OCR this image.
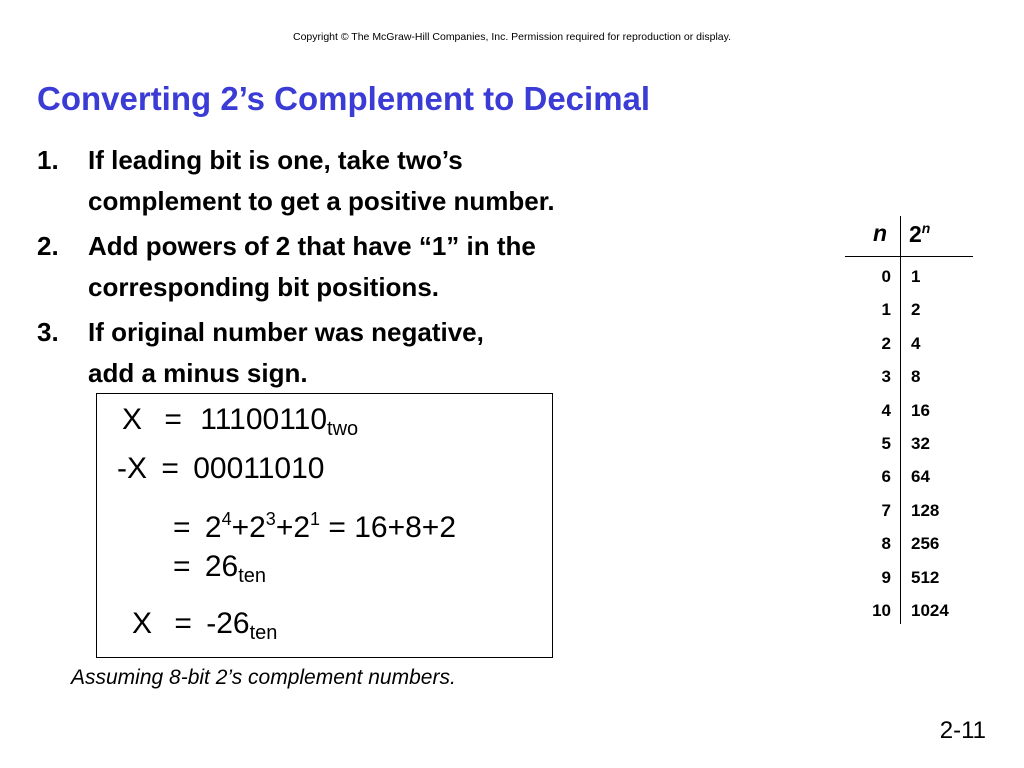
Copyright © The McGraw-Hill Companies, Inc. Permission required for reproduction or display.
Converting 2’s Complement to Decimal
1.	If leading bit is one, take two’s
complement to get a positive number.
2.	Add powers of 2 that have “1” in the
corresponding bit positions.
3.	If original number was negative,
add a minus sign.
$X = 11100110_{two}$
-X = 00011010
= $2^4+2^3+2^1 = 16+8+2$
= $26_{ten}$
$X = -26_{ten}$
Assuming 8-bit 2’s complement numbers.
n 2$^n$
0 1
1 2
2 4
3 8
4 16
5 32
6 64
7 128
8 256
9 512
10 1024
2-11
